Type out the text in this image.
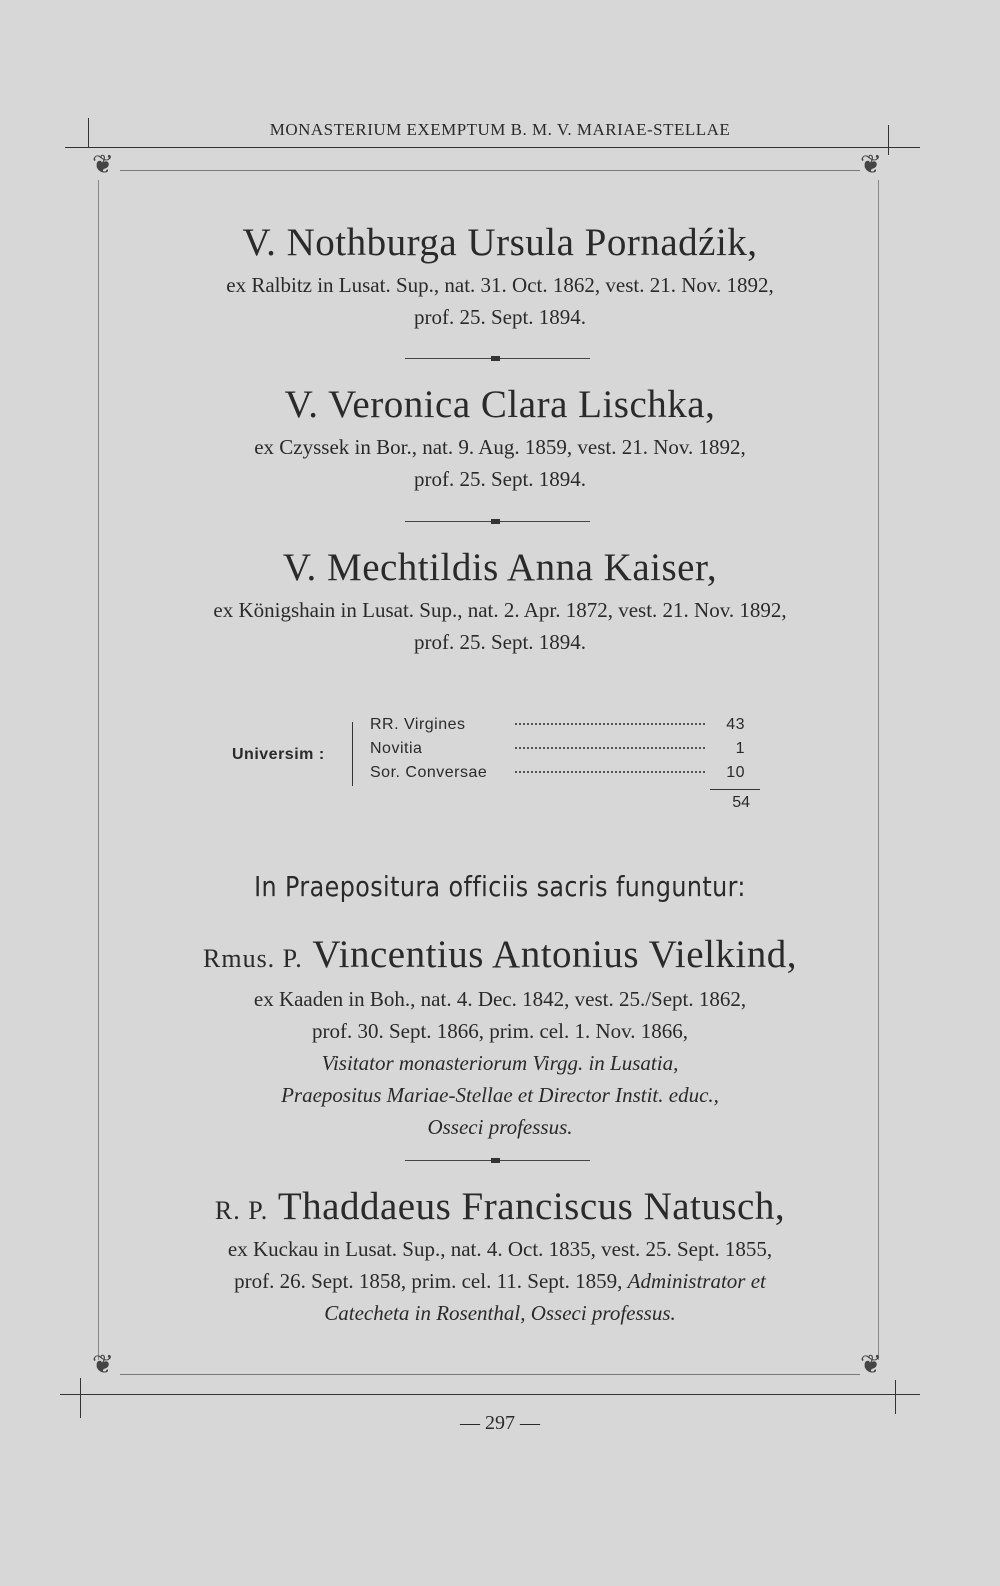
MONASTERIUM EXEMPTUM B. M. V. MARIAE-STELLAE
❦	❦
❦	❦
V. Nothburga Ursula Pornadźik,
ex Ralbitz in Lusat. Sup., nat. 31. Oct. 1862, vest. 21. Nov. 1892,
prof. 25. Sept. 1894.
V. Veronica Clara Lischka,
ex Czyssek in Bor., nat. 9. Aug. 1859, vest. 21. Nov. 1892,
prof. 25. Sept. 1894.
V. Mechtildis Anna Kaiser,
ex Königshain in Lusat. Sup., nat. 2. Apr. 1872, vest. 21. Nov. 1892,
prof. 25. Sept. 1894.
Universim :
RR. Virgines	43
Novitia	1
Sor. Conversae	10
54
In Praepositura officiis sacris funguntur:
Rmus. P. Vincentius Antonius Vielkind,
ex Kaaden in Boh., nat. 4. Dec. 1842, vest. 25./Sept. 1862,
prof. 30. Sept. 1866, prim. cel. 1. Nov. 1866,
Visitator monasteriorum Virgg. in Lusatia,
Praepositus Mariae-Stellae et Director Instit. educ.,
Osseci professus.
R. P. Thaddaeus Franciscus Natusch,
ex Kuckau in Lusat. Sup., nat. 4. Oct. 1835, vest. 25. Sept. 1855,
prof. 26. Sept. 1858, prim. cel. 11. Sept. 1859, Administrator et
Catecheta in Rosenthal, Osseci professus.
— 297 —
